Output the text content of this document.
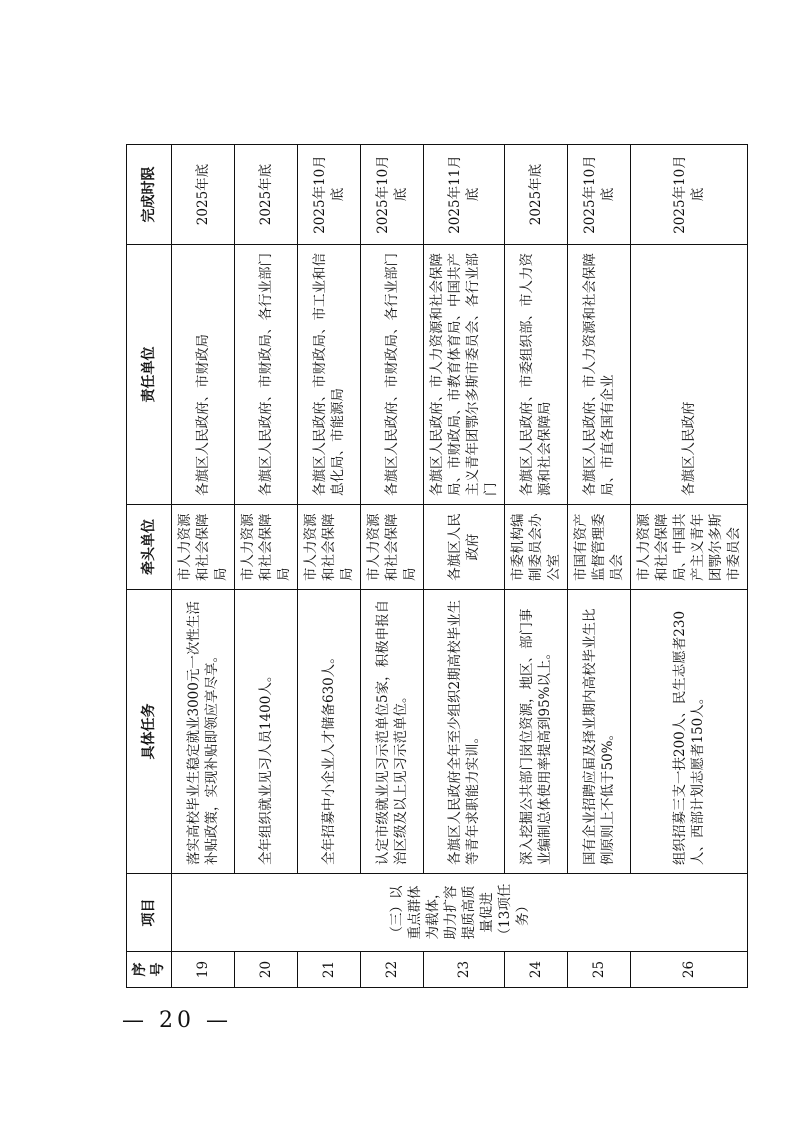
— 20 —
序号	项目	具体任务	牵头单位	责任单位	完成时限
19	（三）以重点群体为载体，助力扩容提质高质量促进（13项任务）	落实高校毕业生稳定就业3000元一次性生活补贴政策，实现补贴即领应享尽享。	市人力资源和社会保障局	各旗区人民政府、市财政局	2025年底
20		全年组织就业见习人员1400人。	市人力资源和社会保障局	各旗区人民政府、市财政局、各行业部门	2025年底
21		全年招募中小企业人才储备630人。	市人力资源和社会保障局	各旗区人民政府、市财政局、市工业和信息化局、市能源局	2025年10月底
22		认定市级就业见习示范单位5家，积极申报自治区级及以上见习示范单位。	市人力资源和社会保障局	各旗区人民政府、市财政局、各行业部门	2025年10月底
23		各旗区人民政府全年至少组织2期高校毕业生等青年求职能力实训。	各旗区人民政府	各旗区人民政府、市人力资源和社会保障局、市财政局、市教育体育局、中国共产主义青年团鄂尔多斯市委员会、各行业部门	2025年11月底
24		深入挖掘公共部门岗位资源，地区、部门事业编制总体使用率提高到95%以上。	市委机构编制委员会办公室	各旗区人民政府、市委组织部、市人力资源和社会保障局	2025年底
25		国有企业招聘应届及择业期内高校毕业生比例原则上不低于50%。	市国有资产监督管理委员会	各旗区人民政府、市人力资源和社会保障局、市直各国有企业	2025年10月底
26		组织招募三支一扶200人、民生志愿者230人、西部计划志愿者150人。	市人力资源和社会保障局、中国共产主义青年团鄂尔多斯市委员会	各旗区人民政府	2025年10月底
